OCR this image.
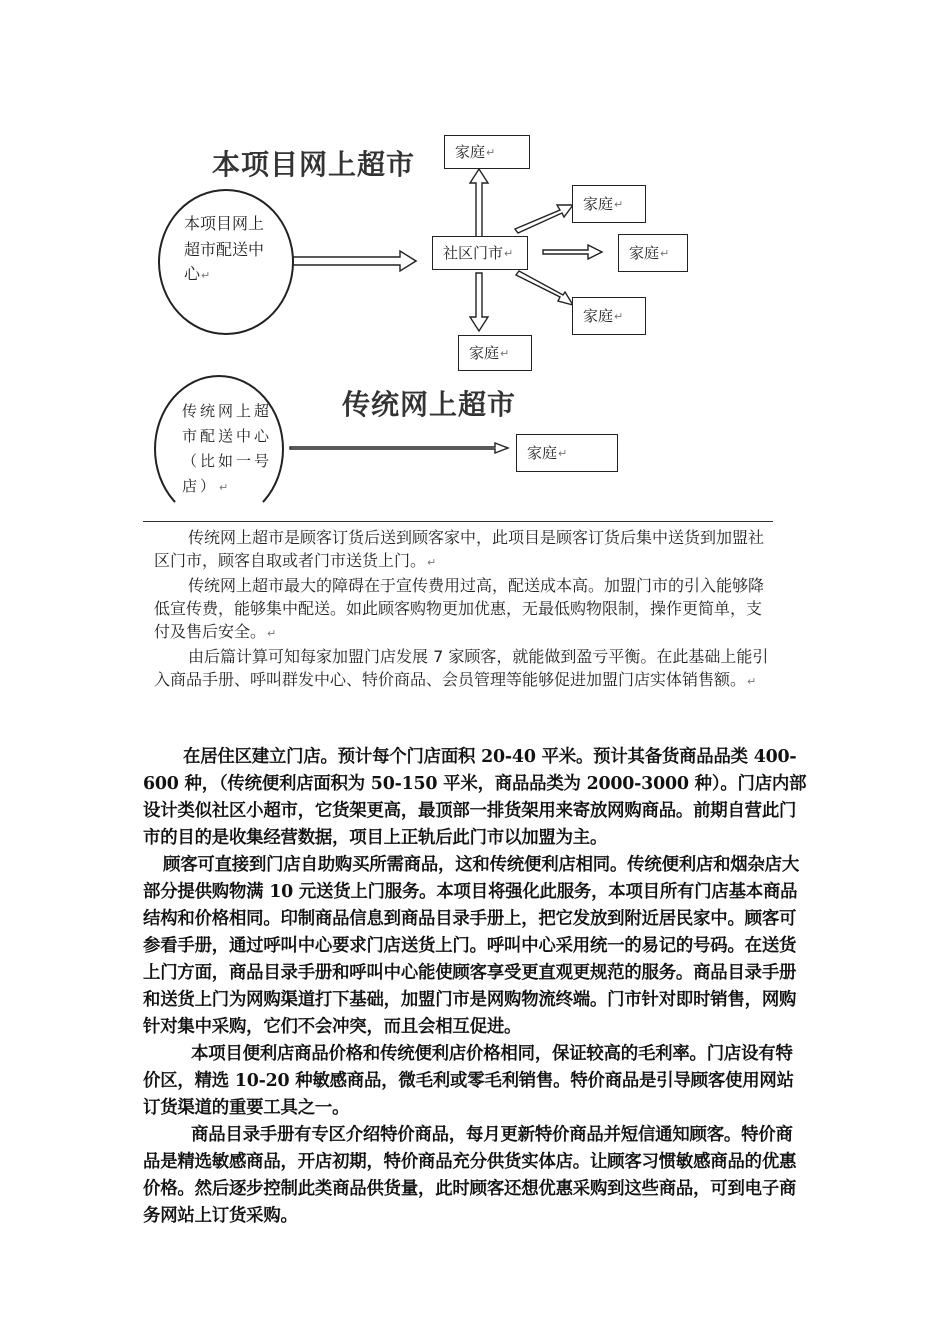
本项目网上超市
本项目网上
超市配送中
心↵
社区门市 ↵
家庭 ↵
家庭 ↵
家庭 ↵
家庭 ↵
家庭 ↵
传统网上超市
传统网上超
市配送中心
（比如一号
店）↵
家庭 ↵

传统网上超市是顾客订货后送到顾客家中，此项目是顾客订货后集中送货到加盟社区门市，顾客自取或者门市送货上门。↵

传统网上超市最大的障碍在于宣传费用过高，配送成本高。加盟门市的引入能够降低宣传费，能够集中配送。如此顾客购物更加优惠，无最低购物限制，操作更简单，支付及售后安全。↵

由后篇计算可知每家加盟门店发展 7 家顾客，就能做到盈亏平衡。在此基础上能引入商品手册、呼叫群发中心、特价商品、会员管理等能够促进加盟门店实体销售额。↵

在居住区建立门店。预计每个门店面积 20-40 平米。预计其备货商品品类 400-600 种，（传统便利店面积为 50-150 平米，商品品类为 2000-3000 种）。门店内部设计类似社区小超市，它货架更高，最顶部一排货架用来寄放网购商品。前期自营此门市的目的是收集经营数据，项目上正轨后此门市以加盟为主。

顾客可直接到门店自助购买所需商品，这和传统便利店相同。传统便利店和烟杂店大部分提供购物满 10 元送货上门服务。本项目将强化此服务，本项目所有门店基本商品结构和价格相同。印制商品信息到商品目录手册上，把它发放到附近居民家中。顾客可参看手册，通过呼叫中心要求门店送货上门。呼叫中心采用统一的易记的号码。在送货上门方面，商品目录手册和呼叫中心能使顾客享受更直观更规范的服务。商品目录手册和送货上门为网购渠道打下基础，加盟门市是网购物流终端。门市针对即时销售，网购针对集中采购，它们不会冲突，而且会相互促进。

本项目便利店商品价格和传统便利店价格相同，保证较高的毛利率。门店设有特价区，精选 10-20 种敏感商品，微毛利或零毛利销售。特价商品是引导顾客使用网站订货渠道的重要工具之一。

商品目录手册有专区介绍特价商品，每月更新特价商品并短信通知顾客。特价商品是精选敏感商品，开店初期，特价商品充分供货实体店。让顾客习惯敏感商品的优惠价格。然后逐步控制此类商品供货量，此时顾客还想优惠采购到这些商品，可到电子商务网站上订货采购。
